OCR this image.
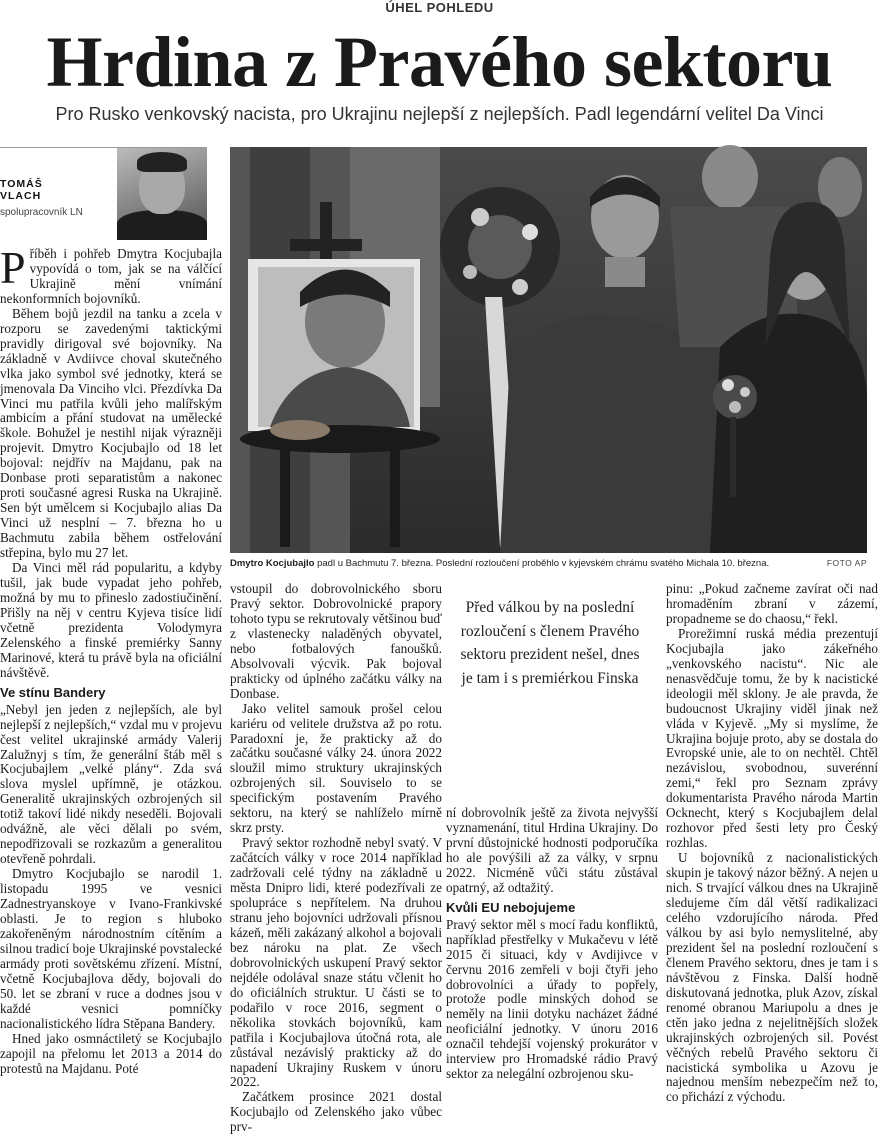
ÚHEL POHLEDU
Hrdina z Pravého sektoru
Pro Rusko venkovský nacista, pro Ukrajinu nejlepší z nejlepších. Padl legendární velitel Da Vinci
TOMÁŠ
VLACH
spolupracovník LN
Dmytro Kocjubajlo padl u Bachmutu 7. března. Poslední rozloučení proběhlo v kyjevském chrámu svatého Michala 10. března.	FOTO AP

Příběh i pohřeb Dmytra Kocjubajla vypovídá o tom, jak se na válčící Ukrajině mění vnímání nekonformních bojovníků.

Během bojů jezdil na tanku a zcela v rozporu se zavedenými taktickými pravidly dirigoval své bojovníky. Na základně v Avdiivce choval skutečného vlka jako symbol své jednotky, která se jmenovala Da Vinciho vlci. Přezdívka Da Vinci mu patřila kvůli jeho malířským ambicím a přání studovat na umělecké škole. Bohužel je nestihl nijak výrazněji projevit. Dmytro Kocjubajlo od 18 let bojoval: nejdřív na Majdanu, pak na Donbase proti separatistům a nakonec proti současné agresi Ruska na Ukrajině. Sen být umělcem si Kocjubajlo alias Da Vinci už nesplní – 7. března ho u Bachmutu zabila během ostřelování střepina, bylo mu 27 let.

Da Vinci měl rád popularitu, a kdyby tušil, jak bude vypadat jeho pohřeb, možná by mu to přineslo zadostiučinění. Přišly na něj v centru Kyjeva tisíce lidí včetně prezidenta Volodymyra Zelenského a finské premiérky Sanny Marinové, která tu právě byla na oficiální návštěvě.

Ve stínu Bandery

„Nebyl jen jeden z nejlepších, ale byl nejlepší z nejlepších,“ vzdal mu v projevu čest velitel ukrajinské armády Valerij Zalužnyj s tím, že generální štáb měl s Kocjubajlem „velké plány“. Zda svá slova myslel upřímně, je otázkou. Generalitě ukrajinských ozbrojených sil totiž takoví lidé nikdy neseděli. Bojovali odvážně, ale věci dělali po svém, nepodřizovali se rozkazům a generalitou otevřeně pohrdali.

Dmytro Kocjubajlo se narodil 1. listopadu 1995 ve vesnici Zadnestryanskoye v Ivano-Frankivské oblasti. Je to region s hluboko zakořeněným národnostním cítěním a silnou tradicí boje Ukrajinské povstalecké armády proti sovětskému zřízení. Místní, včetně Kocjubajlova dědy, bojovali do 50. let se zbraní v ruce a dodnes jsou v každé vesnici pomníčky nacionalistického lídra Stěpana Bandery.

Hned jako osmnáctiletý se Kocjubajlo zapojil na přelomu let 2013 a 2014 do protestů na Majdanu. Poté

vstoupil do dobrovolnického sboru Pravý sektor. Dobrovolnické prapory tohoto typu se rekrutovaly většinou buď z vlastenecky naladěných obyvatel, nebo fotbalových fanoušků. Absolvovali výcvik. Pak bojoval prakticky od úplného začátku války na Donbase.

Jako velitel samouk prošel celou kariéru od velitele družstva až po rotu. Paradoxní je, že prakticky až do začátku současné války 24. února 2022 sloužil mimo struktury ukrajinských ozbrojených sil. Souviselo to se specifickým postavením Pravého sektoru, na který se nahlíželo mírně skrz prsty.

Pravý sektor rozhodně nebyl svatý. V začátcích války v roce 2014 například zadržovali celé týdny na základně u města Dnipro lidi, které podezřívali ze spolupráce s nepřítelem. Na druhou stranu jeho bojovníci udržovali přísnou kázeň, měli zakázaný alkohol a bojovali bez nároku na plat. Ze všech dobrovolnických uskupení Pravý sektor nejdéle odolával snaze státu včlenit ho do oficiálních struktur. U části se to podařilo v roce 2016, segment o několika stovkách bojovníků, kam patřila i Kocjubajlova útočná rota, ale zůstával nezávislý prakticky až do napadení Ukrajiny Ruskem v únoru 2022.

Začátkem prosince 2021 dostal Kocjubajlo od Zelenského jako vůbec prv-

Před válkou by na poslední rozloučení s členem Pravého sektoru prezident nešel, dnes je tam i s premiérkou Finska

ní dobrovolník ještě za života nejvyšší vyznamenání, titul Hrdina Ukrajiny. Do první důstojnické hodnosti podporučíka ho ale povýšili až za války, v srpnu 2022. Nicméně vůči státu zůstával opatrný, až odtažitý.

Kvůli EU nebojujeme

Pravý sektor měl s mocí řadu konfliktů, například přestřelky v Mukačevu v létě 2015 či situaci, kdy v Avdijivce v červnu 2016 zemřeli v boji čtyři jeho dobrovolníci a úřady to popřely, protože podle minských dohod se neměly na linii dotyku nacházet žádné neoficiální jednotky. V únoru 2016 označil tehdejší vojenský prokurátor v interview pro Hromadské rádio Pravý sektor za nelegální ozbrojenou sku-

pinu: „Pokud začneme zavírat oči nad hromaděním zbraní v zázemí, propadneme se do chaosu,“ řekl.

Prorežimní ruská média prezentují Kocjubajla jako zákeřného „venkovského nacistu“. Nic ale nenasvědčuje tomu, že by k nacistické ideologii měl sklony. Je ale pravda, že budoucnost Ukrajiny viděl jinak než vláda v Kyjevě. „My si myslíme, že Ukrajina bojuje proto, aby se dostala do Evropské unie, ale to on nechtěl. Chtěl nezávislou, svobodnou, suverénní zemi,“ řekl pro Seznam zprávy dokumentarista Pravého národa Martin Ocknecht, který s Kocjubajlem delal rozhovor před šesti lety pro Český rozhlas.

U bojovníků z nacionalistických skupin je takový názor běžný. A nejen u nich. S trvající válkou dnes na Ukrajině sledujeme čím dál větší radikalizaci celého vzdorujícího národa. Před válkou by asi bylo nemyslitelné, aby prezident šel na poslední rozloučení s členem Pravého sektoru, dnes je tam i s návštěvou z Finska. Další hodně diskutovaná jednotka, pluk Azov, získal renomé obranou Mariupolu a dnes je ctěn jako jedna z nejelitnějších složek ukrajinských ozbrojených sil. Povést věčných rebelů Pravého sektoru či nacistická symbolika u Azovu je najednou menším nebezpečím než to, co přichází z východu.
